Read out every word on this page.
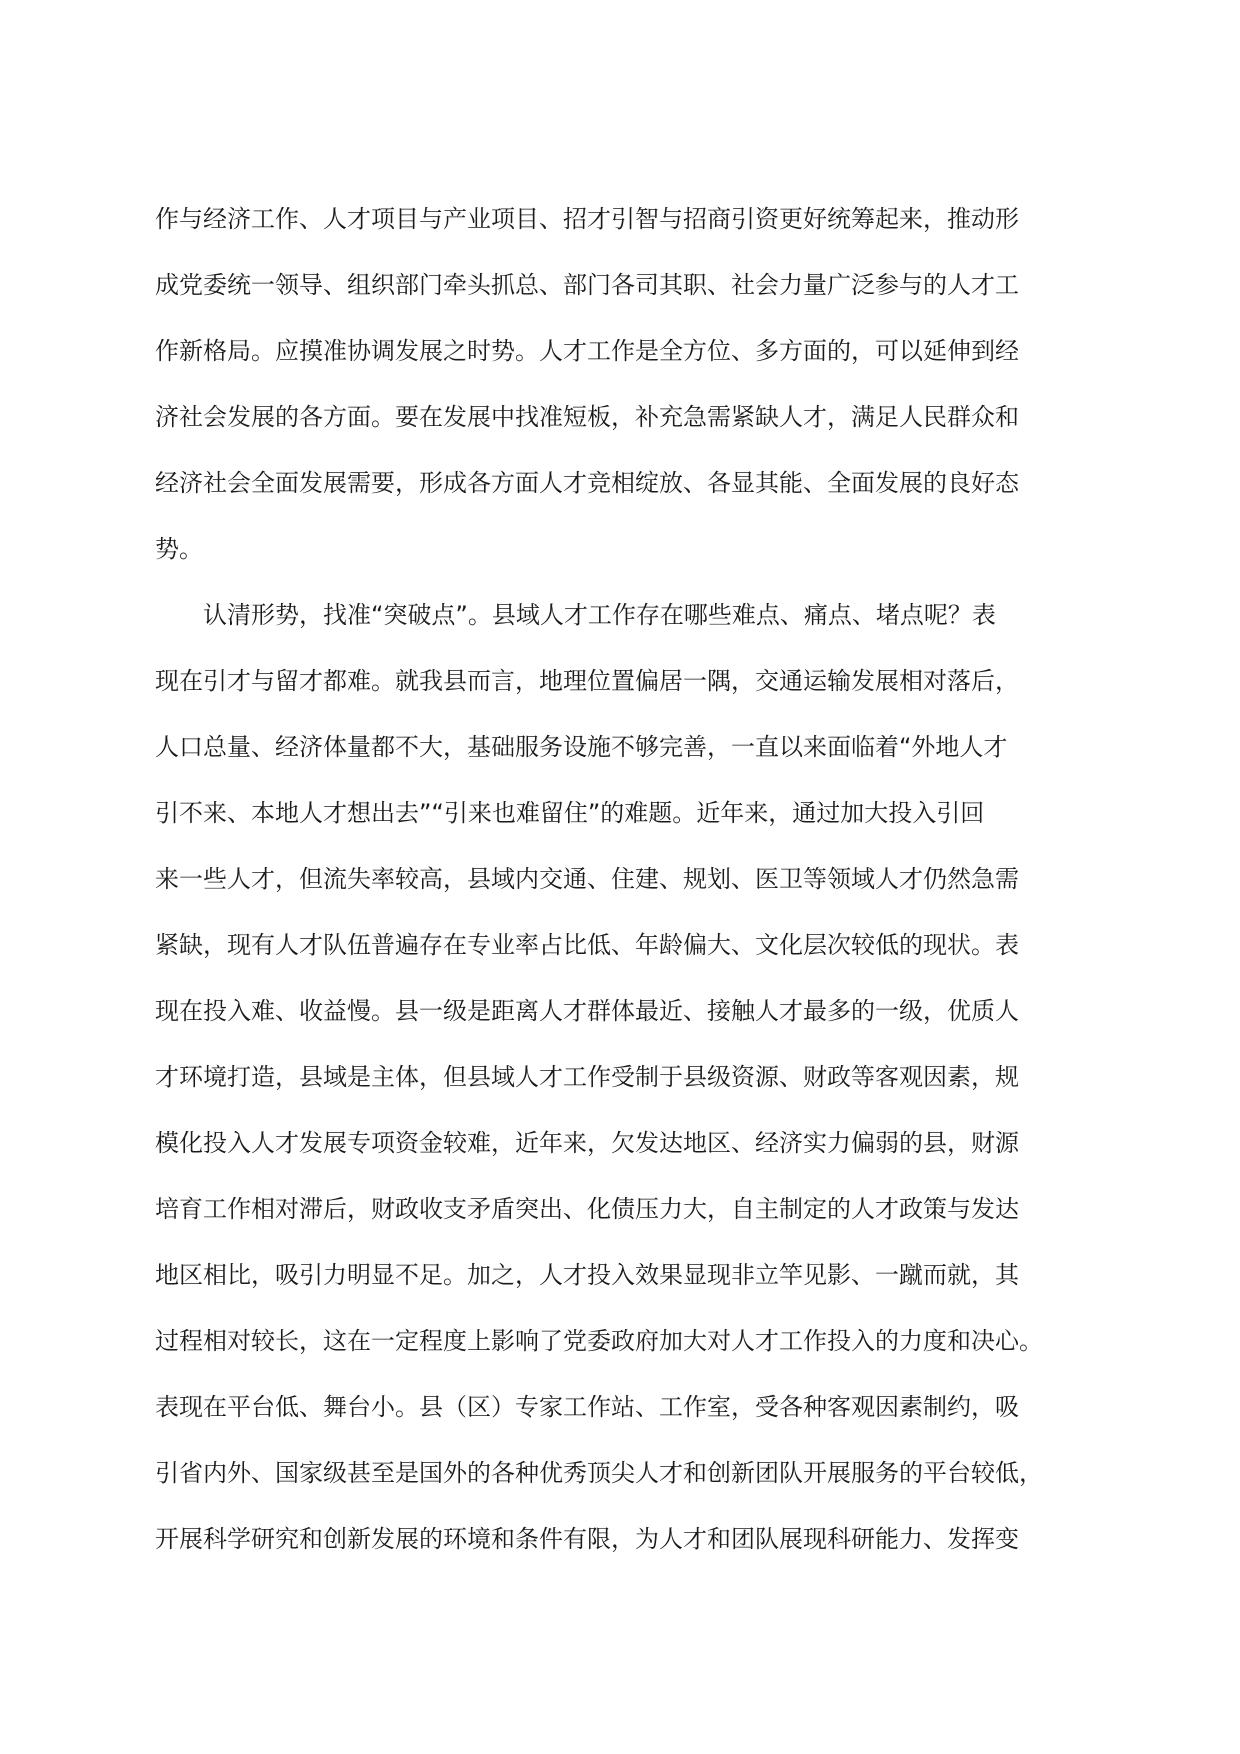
作与经济工作、人才项目与产业项目、招才引智与招商引资更好统筹起来，推动形
成党委统一领导、组织部门牵头抓总、部门各司其职、社会力量广泛参与的人才工
作新格局。应摸准协调发展之时势。人才工作是全方位、多方面的，可以延伸到经
济社会发展的各方面。要在发展中找准短板，补充急需紧缺人才，满足人民群众和
经济社会全面发展需要，形成各方面人才竞相绽放、各显其能、全面发展的良好态
势。
认清形势，找准“突破点”。县域人才工作存在哪些难点、痛点、堵点呢？表
现在引才与留才都难。就我县而言，地理位置偏居一隅，交通运输发展相对落后，
人口总量、经济体量都不大，基础服务设施不够完善，一直以来面临着“外地人才
引不来、本地人才想出去”“引来也难留住”的难题。近年来，通过加大投入引回
来一些人才，但流失率较高，县域内交通、住建、规划、医卫等领域人才仍然急需
紧缺，现有人才队伍普遍存在专业率占比低、年龄偏大、文化层次较低的现状。表
现在投入难、收益慢。县一级是距离人才群体最近、接触人才最多的一级，优质人
才环境打造，县域是主体，但县域人才工作受制于县级资源、财政等客观因素，规
模化投入人才发展专项资金较难，近年来，欠发达地区、经济实力偏弱的县，财源
培育工作相对滞后，财政收支矛盾突出、化债压力大，自主制定的人才政策与发达
地区相比，吸引力明显不足。加之，人才投入效果显现非立竿见影、一蹴而就，其
过程相对较长，这在一定程度上影响了党委政府加大对人才工作投入的力度和决心。
表现在平台低、舞台小。县（区）专家工作站、工作室，受各种客观因素制约，吸
引省内外、国家级甚至是国外的各种优秀顶尖人才和创新团队开展服务的平台较低，
开展科学研究和创新发展的环境和条件有限，为人才和团队展现科研能力、发挥变
